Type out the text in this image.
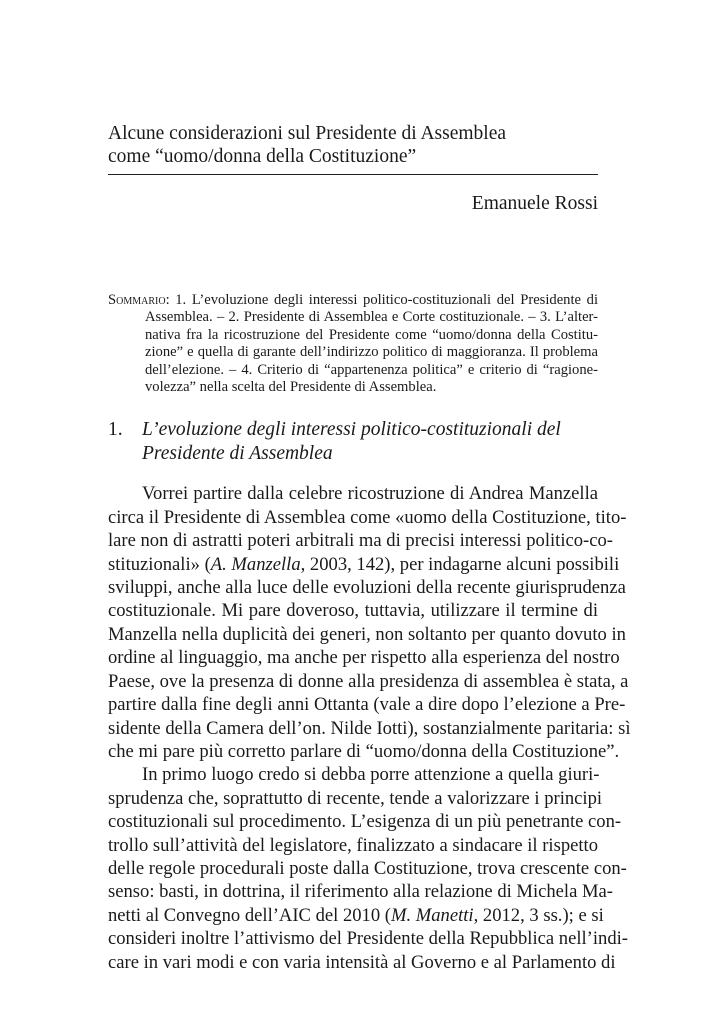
Alcune considerazioni sul Presidente di Assemblea

come “uomo/donna della Costituzione”

Emanuele Rossi
Sommario: 1. L’evoluzione degli interessi politico-costituzionali del Presidente di
Assemblea. – 2. Presidente di Assemblea e Corte costituzionale. – 3. L’alter-
nativa fra la ricostruzione del Presidente come “uomo/donna della Costitu-
zione” e quella di garante dell’indirizzo politico di maggioranza. Il problema
dell’elezione. – 4. Criterio di “appartenenza politica” e criterio di “ragione-
volezza” nella scelta del Presidente di Assemblea.
1. L’evoluzione degli interessi politico-costituzionali del Presidente di Assemblea
Vorrei partire dalla celebre ricostruzione di Andrea Manzella
circa il Presidente di Assemblea come «uomo della Costituzione, tito-
lare non di astratti poteri arbitrali ma di precisi interessi politico-co-
stituzionali» (A. Manzella, 2003, 142), per indagarne alcuni possibili
sviluppi, anche alla luce delle evoluzioni della recente giurisprudenza
costituzionale. Mi pare doveroso, tuttavia, utilizzare il termine di
Manzella nella duplicità dei generi, non soltanto per quanto dovuto in
ordine al linguaggio, ma anche per rispetto alla esperienza del nostro
Paese, ove la presenza di donne alla presidenza di assemblea è stata, a
partire dalla fine degli anni Ottanta (vale a dire dopo l’elezione a Pre-
sidente della Camera dell’on. Nilde Iotti), sostanzialmente paritaria: sì
che mi pare più corretto parlare di “uomo/donna della Costituzione”.
In primo luogo credo si debba porre attenzione a quella giuri-
sprudenza che, soprattutto di recente, tende a valorizzare i principi
costituzionali sul procedimento. L’esigenza di un più penetrante con-
trollo sull’attività del legislatore, finalizzato a sindacare il rispetto
delle regole procedurali poste dalla Costituzione, trova crescente con-
senso: basti, in dottrina, il riferimento alla relazione di Michela Ma-
netti al Convegno dell’AIC del 2010 (M. Manetti, 2012, 3 ss.); e si
consideri inoltre l’attivismo del Presidente della Repubblica nell’indi-
care in vari modi e con varia intensità al Governo e al Parlamento di
